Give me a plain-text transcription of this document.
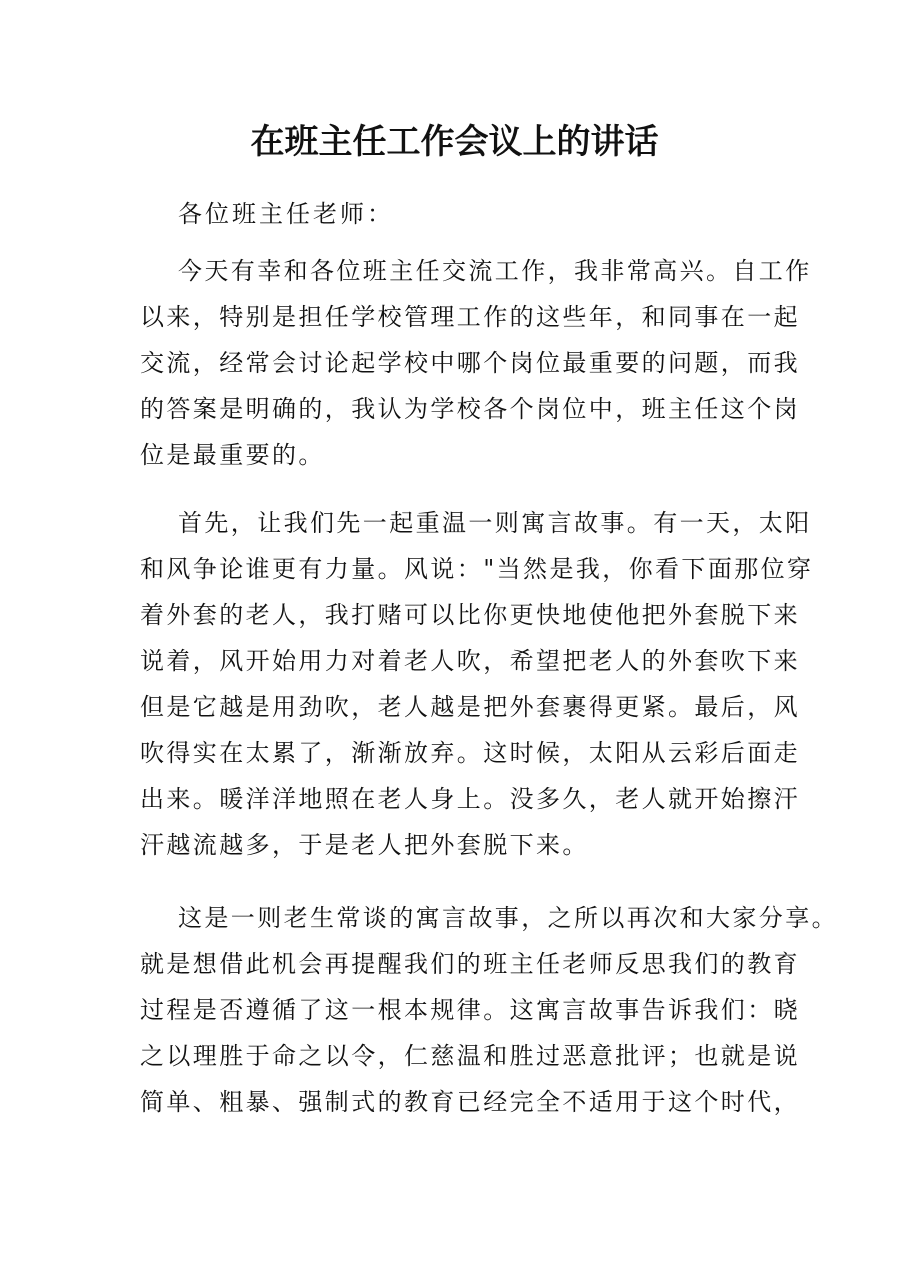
在班主任工作会议上的讲话

各位班主任老师：

今天有幸和各位班主任交流工作，我非常高兴。自工作
以来，特别是担任学校管理工作的这些年，和同事在一起
交流，经常会讨论起学校中哪个岗位最重要的问题，而我
的答案是明确的，我认为学校各个岗位中，班主任这个岗
位是最重要的。
首先，让我们先一起重温一则寓言故事。有一天，太阳
和风争论谁更有力量。风说："当然是我，你看下面那位穿
着外套的老人，我打赌可以比你更快地使他把外套脱下来
说着，风开始用力对着老人吹，希望把老人的外套吹下来
但是它越是用劲吹，老人越是把外套裹得更紧。最后，风
吹得实在太累了，渐渐放弃。这时候，太阳从云彩后面走
出来。暖洋洋地照在老人身上。没多久，老人就开始擦汗
汗越流越多，于是老人把外套脱下来。
这是一则老生常谈的寓言故事，之所以再次和大家分享。
就是想借此机会再提醒我们的班主任老师反思我们的教育
过程是否遵循了这一根本规律。这寓言故事告诉我们：晓
之以理胜于命之以令，仁慈温和胜过恶意批评；也就是说
简单、粗暴、强制式的教育已经完全不适用于这个时代，
